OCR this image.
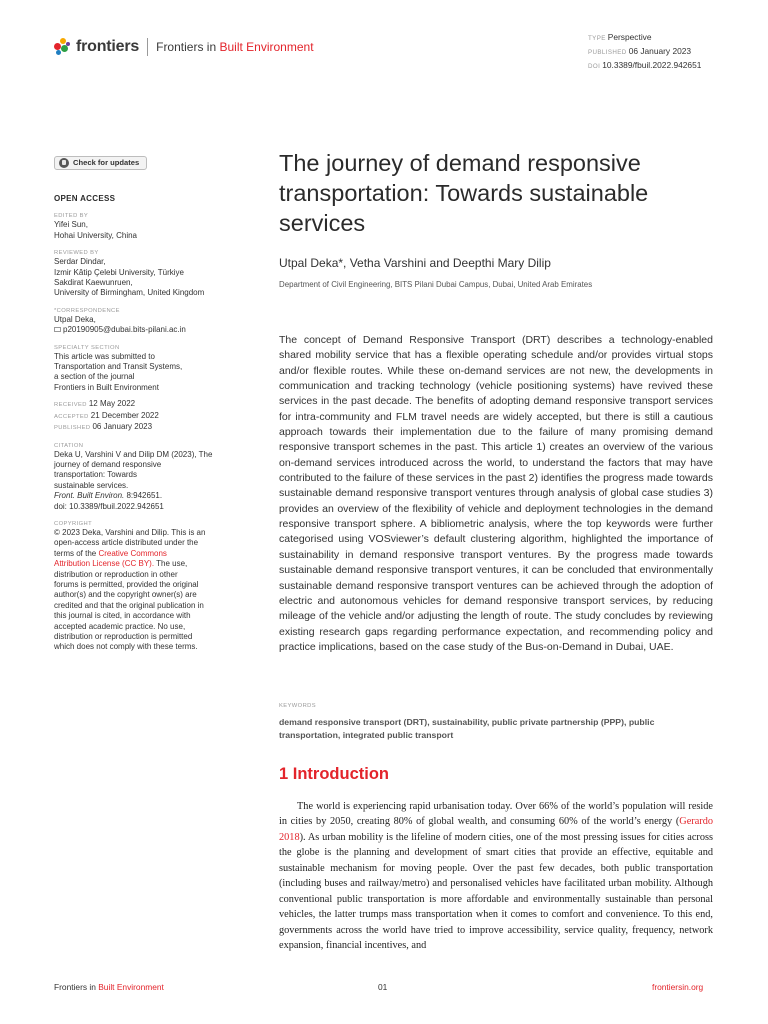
frontiers Frontiers in Built Environment
TYPE Perspective
PUBLISHED 06 January 2023
DOI 10.3389/fbuil.2022.942651
Check for updates
OPEN ACCESS
EDITED BY
Yifei Sun,
Hohai University, China
REVIEWED BY
Serdar Dindar,
Izmir Kâtip Çelebi University, Türkiye
Sakdirat Kaewunruen,
University of Birmingham, United Kingdom
*CORRESPONDENCE
Utpal Deka,
p20190905@dubai.bits-pilani.ac.in
SPECIALTY SECTION
This article was submitted to
Transportation and Transit Systems,
a section of the journal
Frontiers in Built Environment
RECEIVED 12 May 2022
ACCEPTED 21 December 2022
PUBLISHED 06 January 2023
CITATION
Deka U, Varshini V and Dilip DM (2023), The
journey of demand responsive
transportation: Towards
sustainable services.
Front. Built Environ. 8:942651.
doi: 10.3389/fbuil.2022.942651
COPYRIGHT
© 2023 Deka, Varshini and Dilip. This is an
open-access article distributed under the
terms of the Creative Commons
Attribution License (CC BY). The use,
distribution or reproduction in other
forums is permitted, provided the original
author(s) and the copyright owner(s) are
credited and that the original publication in
this journal is cited, in accordance with
accepted academic practice. No use,
distribution or reproduction is permitted
which does not comply with these terms.
The journey of demand responsive transportation: Towards sustainable services
Utpal Deka*, Vetha Varshini and Deepthi Mary Dilip
Department of Civil Engineering, BITS Pilani Dubai Campus, Dubai, United Arab Emirates

The concept of Demand Responsive Transport (DRT) describes a technology-enabled shared mobility service that has a flexible operating schedule and/or provides virtual stops and/or flexible routes. While these on-demand services are not new, the developments in communication and tracking technology (vehicle positioning systems) have revived these services in the past decade. The benefits of adopting demand responsive transport services for intra-community and FLM travel needs are widely accepted, but there is still a cautious approach towards their implementation due to the failure of many promising demand responsive transport schemes in the past. This article 1) creates an overview of the various on-demand services introduced across the world, to understand the factors that may have contributed to the failure of these services in the past 2) identifies the progress made towards sustainable demand responsive transport ventures through analysis of global case studies 3) provides an overview of the flexibility of vehicle and deployment technologies in the demand responsive transport sphere. A bibliometric analysis, where the top keywords were further categorised using VOSviewer’s default clustering algorithm, highlighted the importance of sustainability in demand responsive transport ventures. By the progress made towards sustainable demand responsive transport ventures, it can be concluded that environmentally sustainable demand responsive transport ventures can be achieved through the adoption of electric and autonomous vehicles for demand responsive transport services, by reducing mileage of the vehicle and/or adjusting the length of route. The study concludes by reviewing existing research gaps regarding performance expectation, and recommending policy and practice implications, based on the case study of the Bus-on-Demand in Dubai, UAE.

KEYWORDS
demand responsive transport (DRT), sustainability, public private partnership (PPP), public transportation, integrated public transport
1 Introduction

The world is experiencing rapid urbanisation today. Over 66% of the world’s population will reside in cities by 2050, creating 80% of global wealth, and consuming 60% of the world’s energy (Gerardo 2018). As urban mobility is the lifeline of modern cities, one of the most pressing issues for cities across the globe is the planning and development of smart cities that provide an effective, equitable and sustainable mechanism for moving people. Over the past few decades, both public transportation (including buses and railway/metro) and personalised vehicles have facilitated urban mobility. Although conventional public transportation is more affordable and environmentally sustainable than personal vehicles, the latter trumps mass transportation when it comes to comfort and convenience. To this end, governments across the world have tried to improve accessibility, service quality, frequency, network expansion, financial incentives, and

Frontiers in Built Environment	01	frontiersin.org
